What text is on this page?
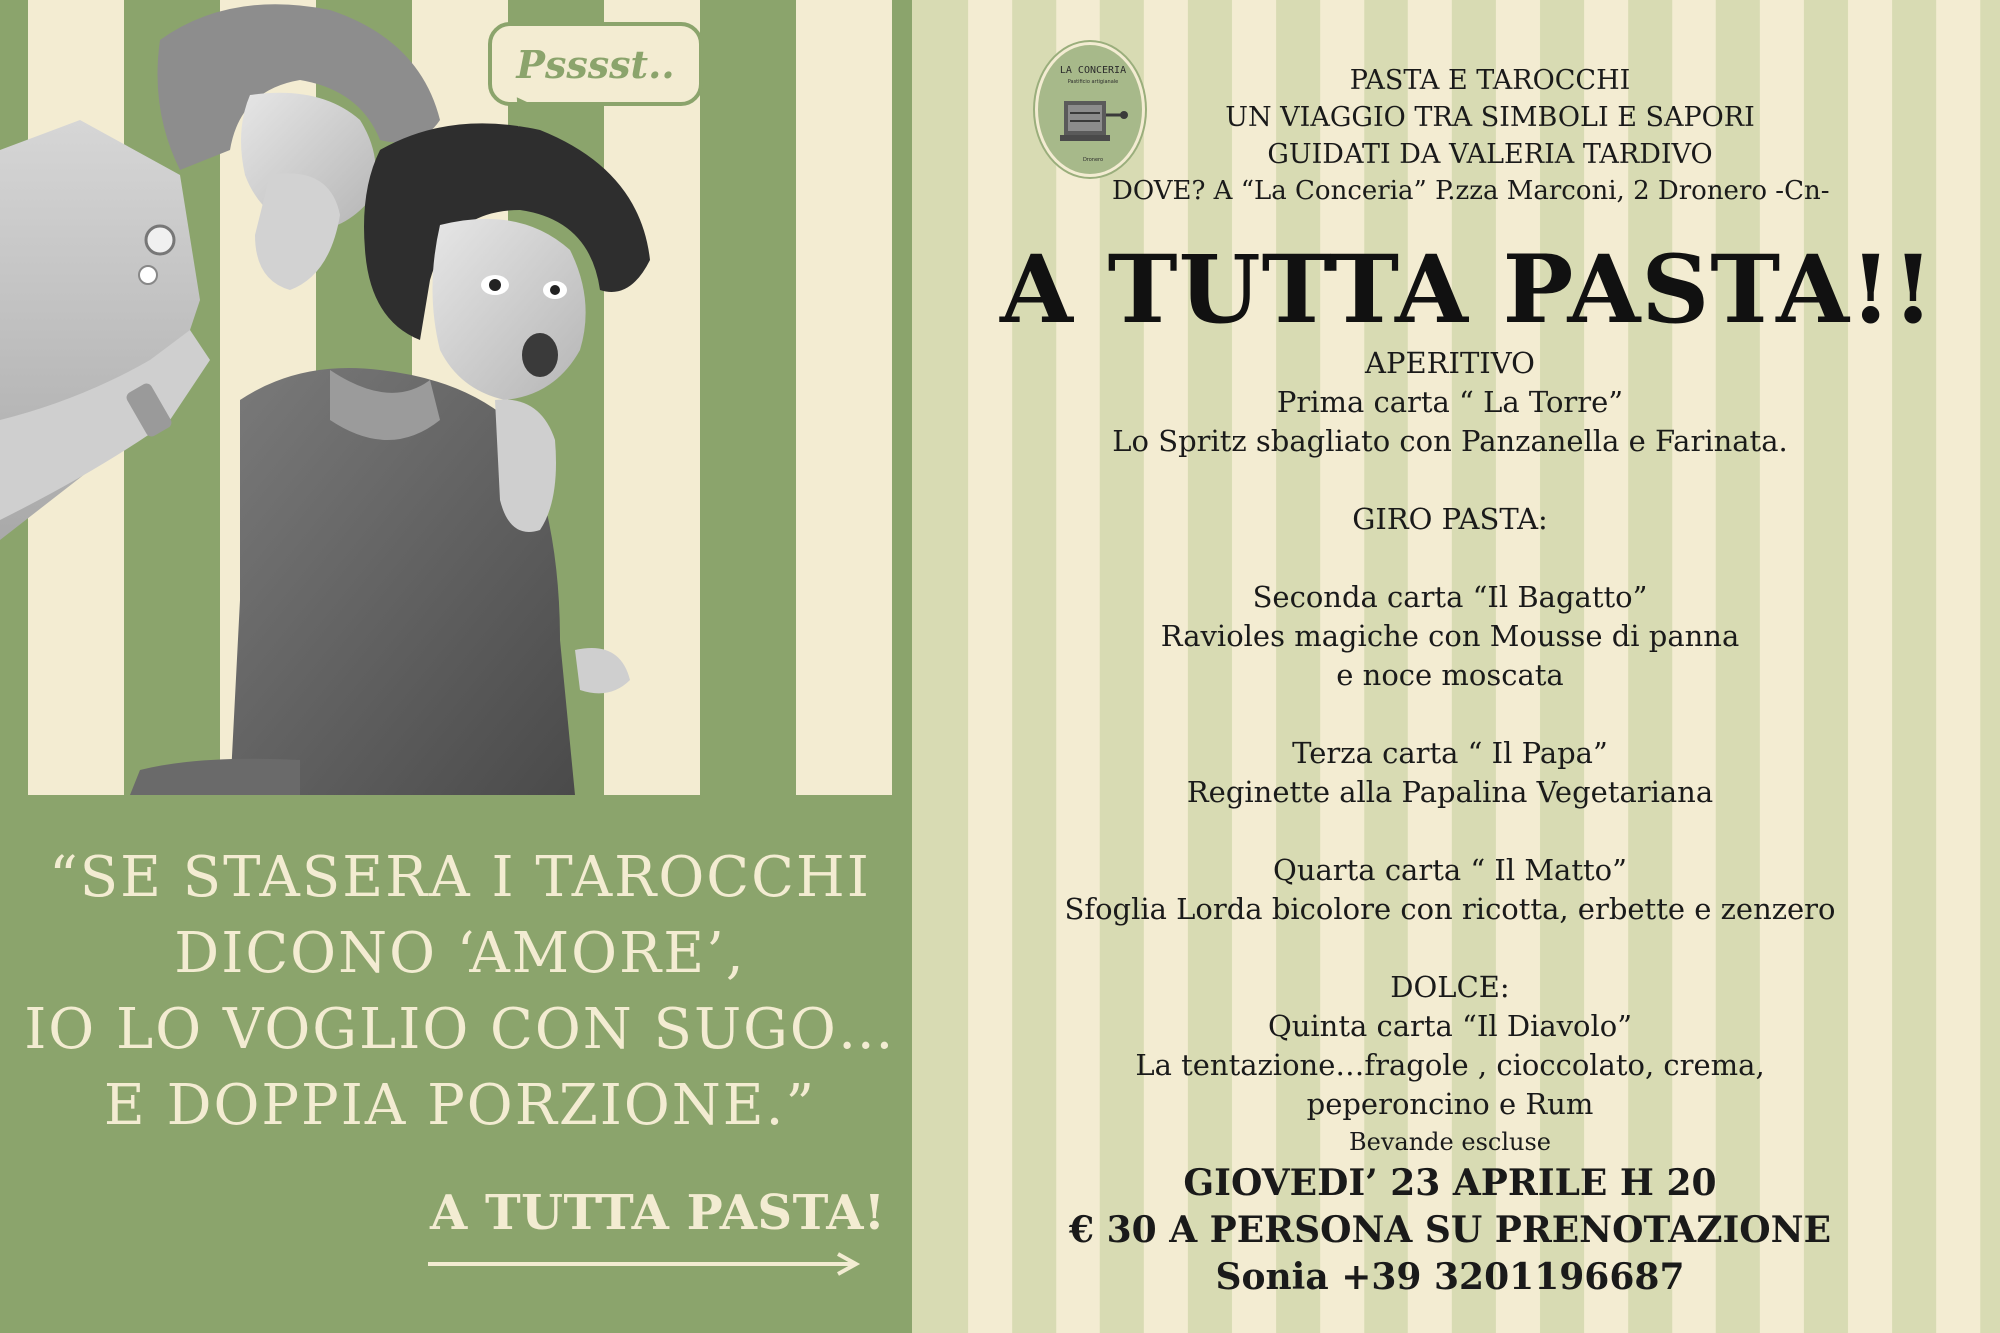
Psssst..
“SE STASERA I TAROCCHI
DICONO ‘AMORE’,
IO LO VOGLIO CON SUGO…
E DOPPIA PORZIONE.”
A TUTTA PASTA!
LA CONCERIA
Pastificio artigianale
Dronero

PASTA E TAROCCHI

UN VIAGGIO TRA SIMBOLI E SAPORI

GUIDATI DA VALERIA TARDIVO

DOVE? A “La Conceria” P.zza Marconi, 2 Dronero -Cn-

A TUTTA PASTA!!

APERITIVO

Prima carta “ La Torre”

Lo Spritz sbagliato con Panzanella e Farinata.

GIRO PASTA:

Seconda carta “Il Bagatto”

Ravioles magiche con Mousse di panna

e noce moscata

Terza carta “ Il Papa”

Reginette alla Papalina Vegetariana

Quarta carta “ Il Matto”

Sfoglia Lorda bicolore con ricotta, erbette e zenzero

DOLCE:

Quinta carta “Il Diavolo”

La tentazione…fragole , cioccolato, crema,

peperoncino e Rum

Bevande escluse

GIOVEDI’ 23 APRILE H 20

€ 30 A PERSONA SU PRENOTAZIONE

Sonia +39 3201196687
